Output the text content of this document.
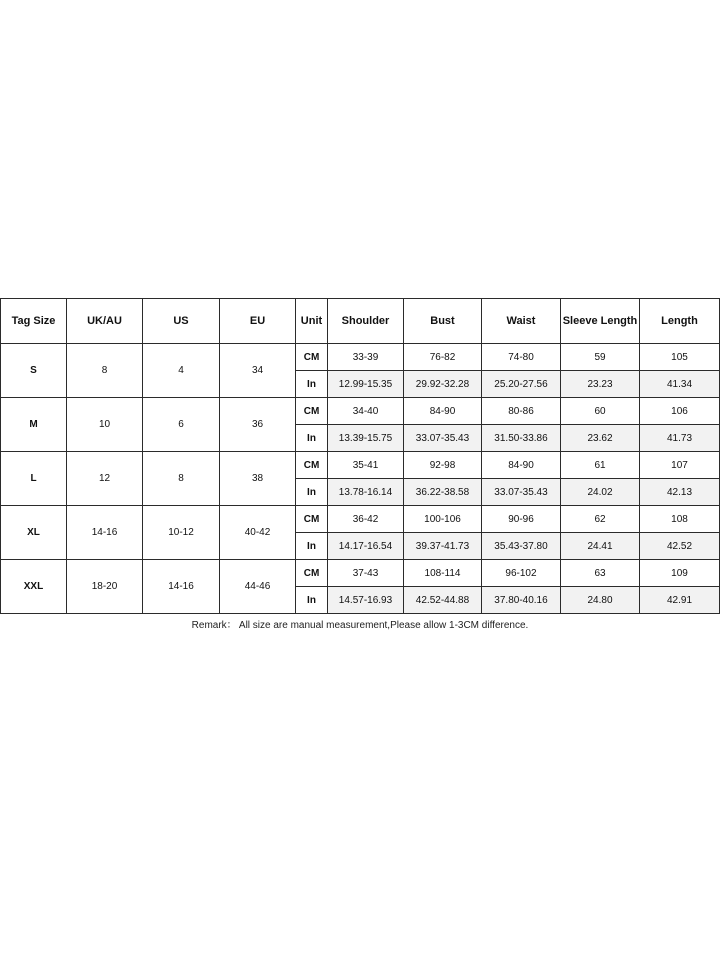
Tag Size	UK/AU	US	EU	Unit	Shoulder	Bust	Waist	Sleeve Length	Length
S	8	4	34	CM	33-39	76-82	74-80	59	105
				In	12.99-15.35	29.92-32.28	25.20-27.56	23.23	41.34
M	10	6	36	CM	34-40	84-90	80-86	60	106
				In	13.39-15.75	33.07-35.43	31.50-33.86	23.62	41.73
L	12	8	38	CM	35-41	92-98	84-90	61	107
				In	13.78-16.14	36.22-38.58	33.07-35.43	24.02	42.13
XL	14-16	10-12	40-42	CM	36-42	100-106	90-96	62	108
				In	14.17-16.54	39.37-41.73	35.43-37.80	24.41	42.52
XXL	18-20	14-16	44-46	CM	37-43	108-114	96-102	63	109
				In	14.57-16.93	42.52-44.88	37.80-40.16	24.80	42.91
Remark： All size are manual measurement,Please allow 1-3CM difference.
